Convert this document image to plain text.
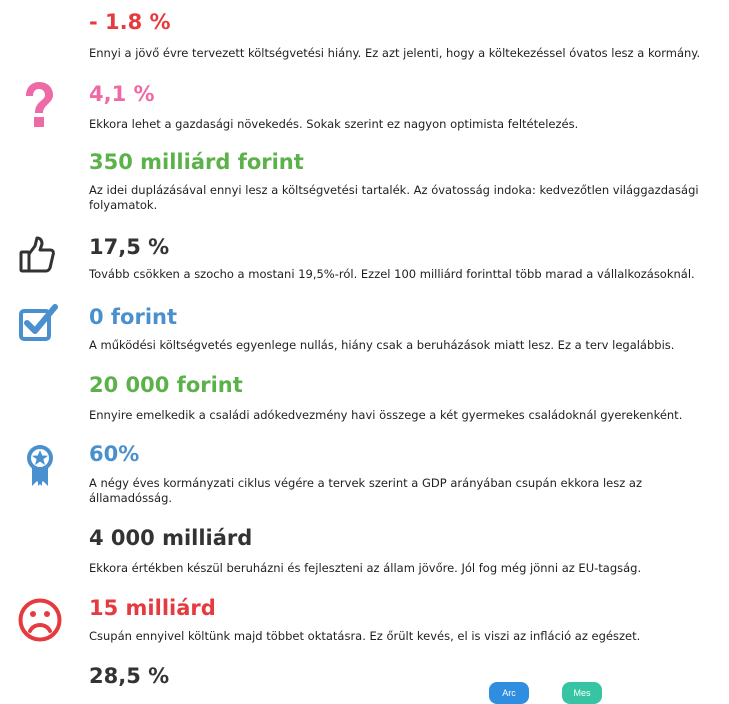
- 1.8 %

Ennyi a jövő évre tervezett költségvetési hiány. Ez azt jelenti, hogy a költekezéssel óvatos lesz a kormány.

4,1 %

Ekkora lehet a gazdasági növekedés. Sokak szerint ez nagyon optimista feltételezés.

350 milliárd forint

Az idei duplázásával ennyi lesz a költségvetési tartalék. Az óvatosság indoka: kedvezőtlen világgazdasági folyamatok.

17,5 %

Tovább csökken a szocho a mostani 19,5%-ról. Ezzel 100 milliárd forinttal több marad a vállalkozásoknál.

0 forint

A működési költségvetés egyenlege nullás, hiány csak a beruházások miatt lesz. Ez a terv legalábbis.

20 000 forint

Ennyire emelkedik a családi adókedvezmény havi összege a két gyermekes családoknál gyerekenként.

60%

A négy éves kormányzati ciklus végére a tervek szerint a GDP arányában csupán ekkora lesz az államadósság.

4 000 milliárd

Ekkora értékben készül beruházni és fejleszteni az állam jövőre. Jól fog még jönni az EU-tagság.

15 milliárd

Csupán ennyivel költünk majd többet oktatásra. Ez őrült kevés, el is viszi az infláció az egészet.

28,5 %

Arc	Mes
